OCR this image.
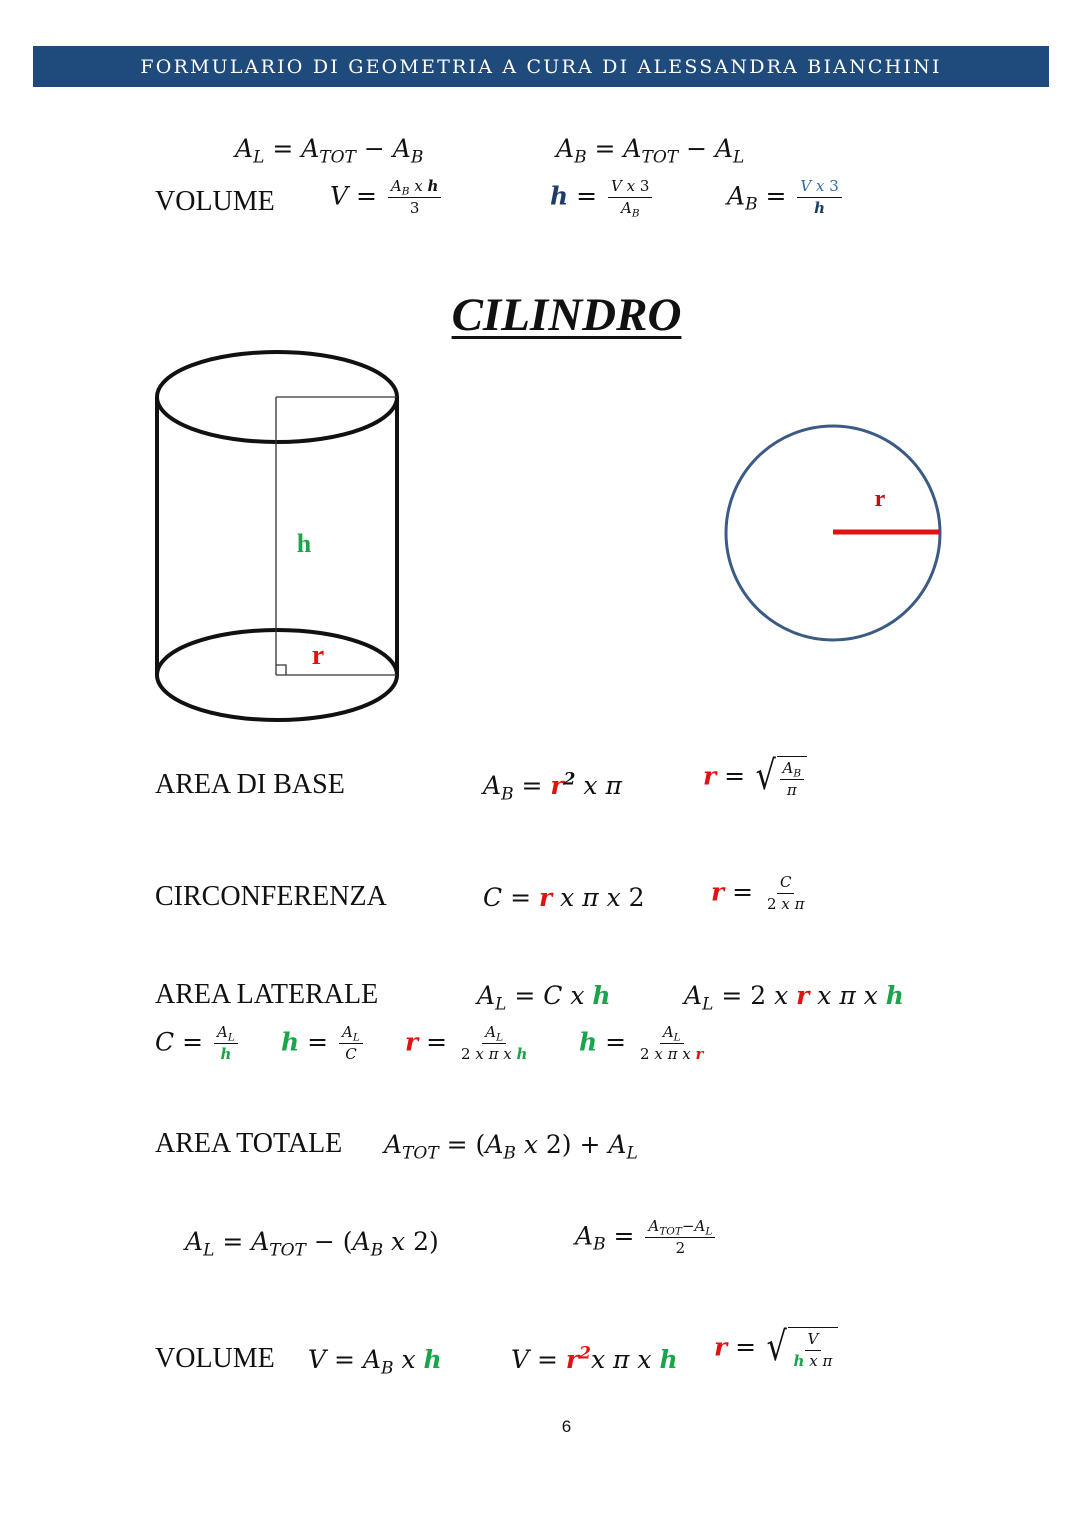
FORMULARIO DI GEOMETRIA A CURA DI ALESSANDRA BIANCHINI
$A_L = A_{TOT} - A_B$	$A_B = A_{TOT} - A_L$
VOLUME $V = \frac{A_B x h}{3}$	$h = \frac{\text{V x 3}}{A_B}$	$A_B = \frac{\text{V x 3}}{h}$
CILINDRO
h
r
r
AREA DI BASE	$A_B = r^2$ x π	r = √ $\frac{A_B}{\pi}$
CIRCONFERENZA	C = r x π x 2	$r = \frac{C}{\text{2 x π}}$
AREA LATERALE	$A_L = C$ x h	$A_L = 2$ x r x π x h
$C = \frac{A_L}{h}$ $h = \frac{A_L}{C}$ $r = \frac{A_L}{\text{2 x π x h}}$ $h = \frac{A_L}{\text{2 x π x r}}$
AREA TOTALE $A_{TOT} = (A_B$ x $2) + A_L$
$A_L = A_{TOT} - (A_B$ x 2)	$A_B = \frac{A_{TOT}-A_L}{2}$
VOLUME $V = A_B$ x h	$V = r^2x$ π x h r = √ $\frac{V}{\text{h x π}}$
6
